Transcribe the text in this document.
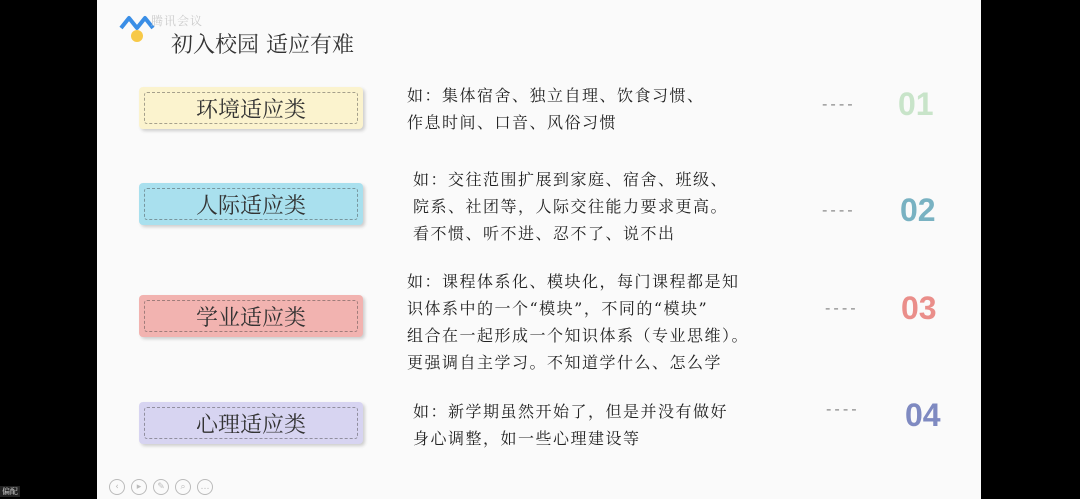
腾讯会议
初入校园 适应有难
环境适应类
如：集体宿舍、独立自理、饮食习惯、
作息时间、口音、风俗习惯
---- 01
人际适应类
如：交往范围扩展到家庭、宿舍、班级、
院系、社团等，人际交往能力要求更高。
看不惯、听不进、忍不了、说不出
---- 02
学业适应类
如：课程体系化、模块化，每门课程都是知
识体系中的一个“模块”，不同的“模块”
组合在一起形成一个知识体系（专业思维）。
更强调自主学习。不知道学什么、怎么学
---- 03
心理适应类
如：新学期虽然开始了，但是并没有做好
身心调整，如一些心理建设等
---- 04
‹	▸	✎	⌕	…
偏配
